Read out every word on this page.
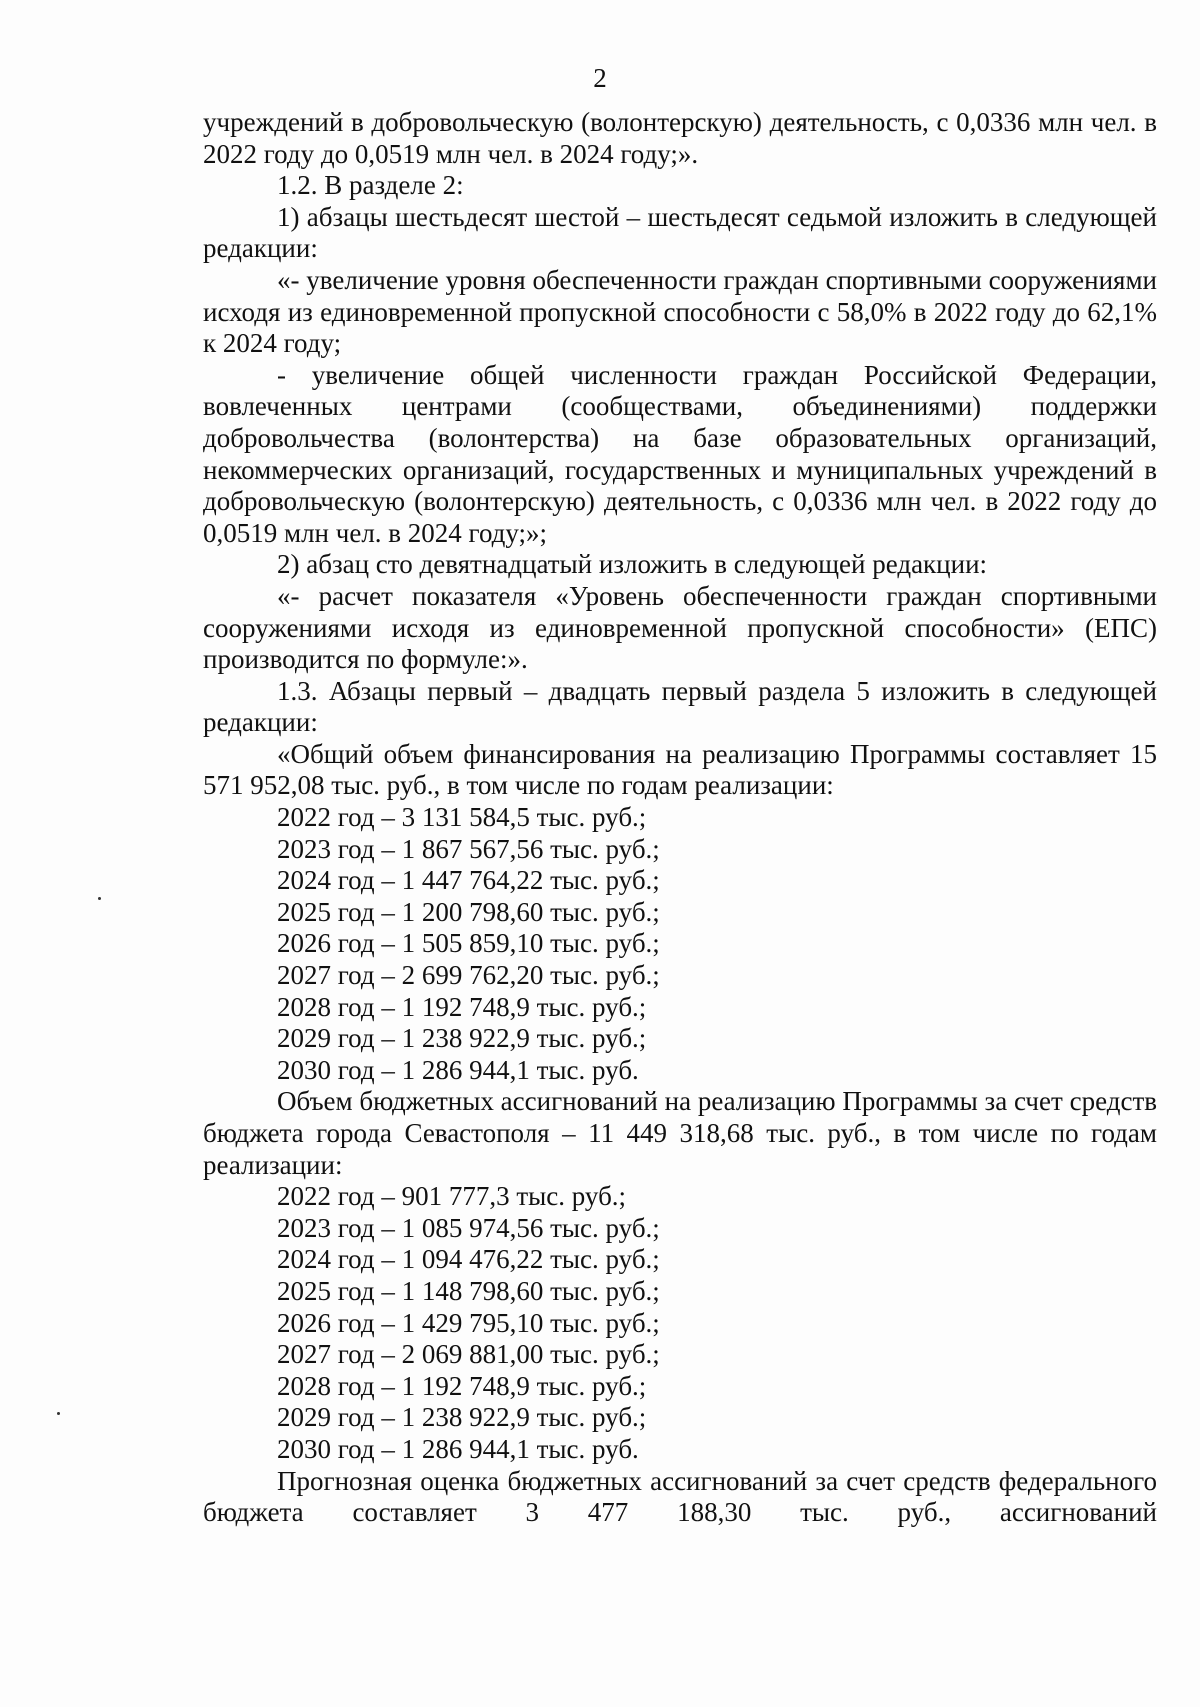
2

учреждений в добровольческую (волонтерскую) деятельность, с 0,0336 млн чел. в 2022 году до 0,0519 млн чел. в 2024 году;».

1.2. В разделе 2:

1) абзацы шестьдесят шестой – шестьдесят седьмой изложить в следующей редакции:

«- увеличение уровня обеспеченности граждан спортивными сооружениями исходя из единовременной пропускной способности с 58,0% в 2022 году до 62,1% к 2024 году;

- увеличение общей численности граждан Российской Федерации, вовлеченных центрами (сообществами, объединениями) поддержки добровольчества (волонтерства) на базе образовательных организаций, некоммерческих организаций, государственных и муниципальных учреждений в добровольческую (волонтерскую) деятельность, с 0,0336 млн чел. в 2022 году до 0,0519 млн чел. в 2024 году;»;

2) абзац сто девятнадцатый изложить в следующей редакции:

«- расчет показателя «Уровень обеспеченности граждан спортивными сооружениями исходя из единовременной пропускной способности» (ЕПС) производится по формуле:».

1.3. Абзацы первый – двадцать первый раздела 5 изложить в следующей редакции:

«Общий объем финансирования на реализацию Программы составляет 15 571 952,08 тыс. руб., в том числе по годам реализации:

2022 год – 3 131 584,5 тыс. руб.;

2023 год – 1 867 567,56 тыс. руб.;

2024 год – 1 447 764,22 тыс. руб.;

2025 год – 1 200 798,60 тыс. руб.;

2026 год – 1 505 859,10 тыс. руб.;

2027 год – 2 699 762,20 тыс. руб.;

2028 год – 1 192 748,9 тыс. руб.;

2029 год – 1 238 922,9 тыс. руб.;

2030 год – 1 286 944,1 тыс. руб.

Объем бюджетных ассигнований на реализацию Программы за счет средств бюджета города Севастополя – 11 449 318,68 тыс. руб., в том числе по годам реализации:

2022 год – 901 777,3 тыс. руб.;

2023 год – 1 085 974,56 тыс. руб.;

2024 год – 1 094 476,22 тыс. руб.;

2025 год – 1 148 798,60 тыс. руб.;

2026 год – 1 429 795,10 тыс. руб.;

2027 год – 2 069 881,00 тыс. руб.;

2028 год – 1 192 748,9 тыс. руб.;

2029 год – 1 238 922,9 тыс. руб.;

2030 год – 1 286 944,1 тыс. руб.

Прогнозная оценка бюджетных ассигнований за счет средств федерального бюджета составляет 3 477 188,30 тыс. руб., ассигнований
